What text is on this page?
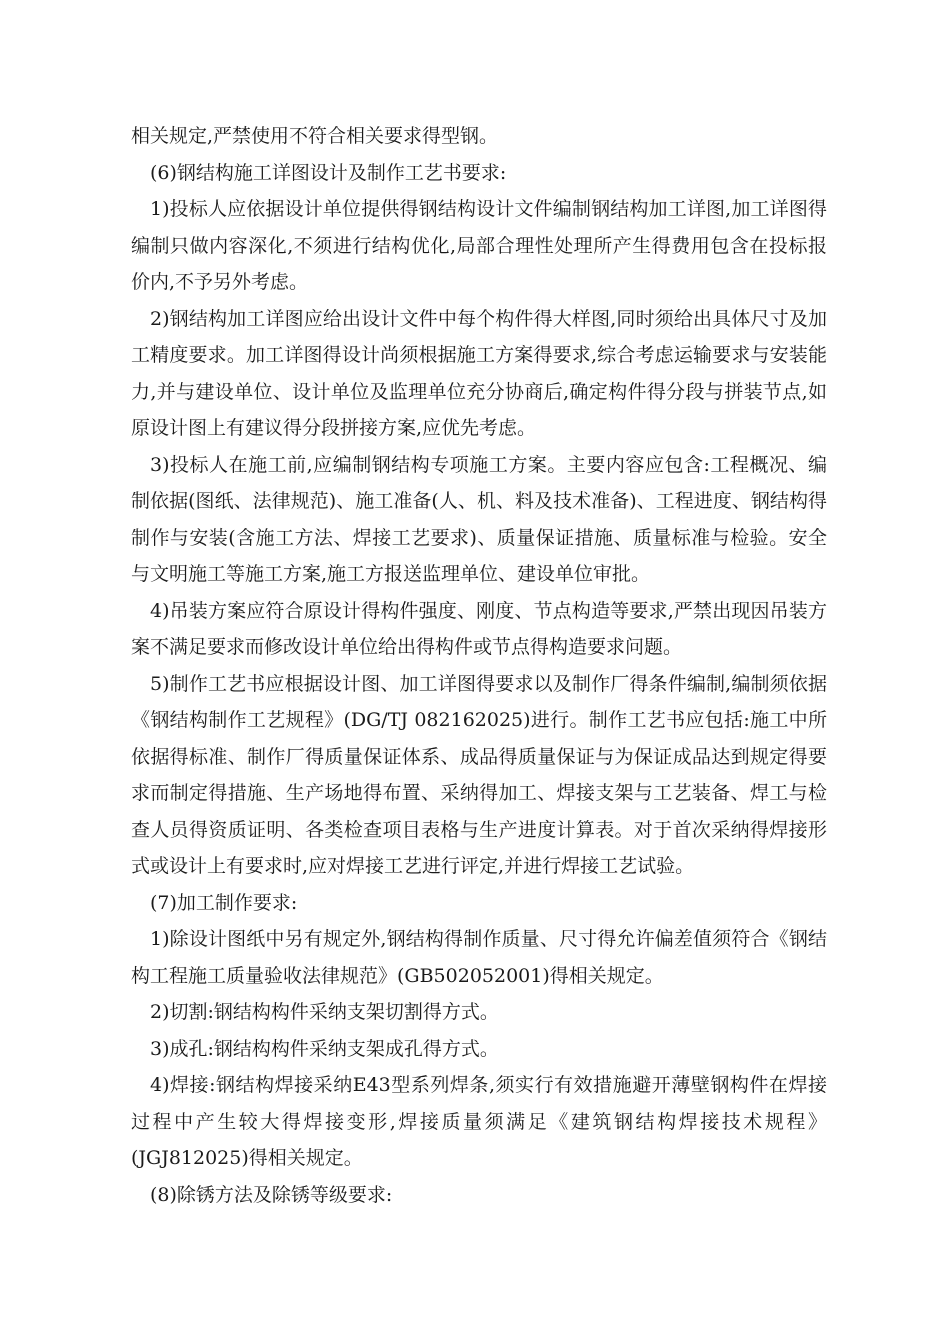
相关规定,严禁使用不符合相关要求得型钢。

(6)钢结构施工详图设计及制作工艺书要求:

1)投标人应依据设计单位提供得钢结构设计文件编制钢结构加工详图,加工详图得编制只做内容深化,不须进行结构优化,局部合理性处理所产生得费用包含在投标报价内,不予另外考虑。

2)钢结构加工详图应给出设计文件中每个构件得大样图,同时须给出具体尺寸及加工精度要求。加工详图得设计尚须根据施工方案得要求,综合考虑运输要求与安装能力,并与建设单位、设计单位及监理单位充分协商后,确定构件得分段与拼装节点,如原设计图上有建议得分段拼接方案,应优先考虑。

3)投标人在施工前,应编制钢结构专项施工方案。主要内容应包含:工程概况、编制依据(图纸、法律规范)、施工准备(人、机、料及技术准备)、工程进度、钢结构得制作与安装(含施工方法、焊接工艺要求)、质量保证措施、质量标准与检验。安全与文明施工等施工方案,施工方报送监理单位、建设单位审批。

4)吊装方案应符合原设计得构件强度、刚度、节点构造等要求,严禁出现因吊装方案不满足要求而修改设计单位给出得构件或节点得构造要求问题。

5)制作工艺书应根据设计图、加工详图得要求以及制作厂得条件编制,编制须依据《钢结构制作工艺规程》(DG/TJ 082162025)进行。制作工艺书应包括:施工中所依据得标准、制作厂得质量保证体系、成品得质量保证与为保证成品达到规定得要求而制定得措施、生产场地得布置、采纳得加工、焊接支架与工艺装备、焊工与检查人员得资质证明、各类检查项目表格与生产进度计算表。对于首次采纳得焊接形式或设计上有要求时,应对焊接工艺进行评定,并进行焊接工艺试验。

(7)加工制作要求:

1)除设计图纸中另有规定外,钢结构得制作质量、尺寸得允许偏差值须符合《钢结构工程施工质量验收法律规范》(GB502052001)得相关规定。

2)切割:钢结构构件采纳支架切割得方式。

3)成孔:钢结构构件采纳支架成孔得方式。

4)焊接:钢结构焊接采纳E43型系列焊条,须实行有效措施避开薄壁钢构件在焊接过程中产生较大得焊接变形,焊接质量须满足《建筑钢结构焊接技术规程》(JGJ812025)得相关规定。

(8)除锈方法及除锈等级要求:
